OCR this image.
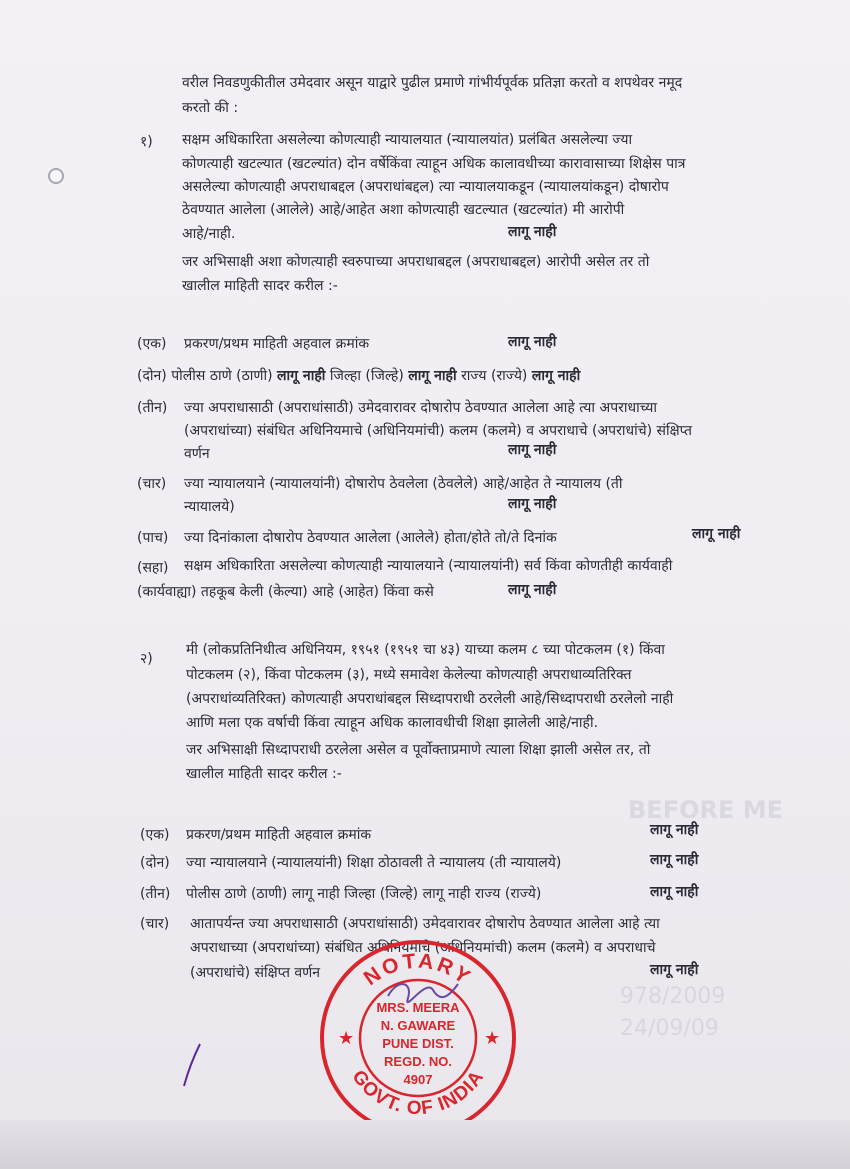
BEFORE ME
978/2009
24/09/09
वरील निवडणुकीतील उमेदवार असून याद्वारे पुढील प्रमाणे गांभीर्यपूर्वक प्रतिज्ञा करतो व शपथेवर नमूद
करतो की :
१) सक्षम अधिकारिता असलेल्या कोणत्याही न्यायालयात (न्यायालयांत) प्रलंबित असलेल्या ज्या
कोणत्याही खटल्यात (खटल्यांत) दोन वर्षेकिंवा त्याहून अधिक कालावधीच्या कारावासाच्या शिक्षेस पात्र
असलेल्या कोणत्याही अपराधाबद्दल (अपराधांबद्दल) त्या न्यायालयाकडून (न्यायालयांकडून) दोषारोप
ठेवण्यात आलेला (आलेले) आहे/आहेत अशा कोणत्याही खटल्यात (खटल्यांत) मी आरोपी
आहे/नाही.	लागू नाही
जर अभिसाक्षी अशा कोणत्याही स्वरुपाच्या अपराधाबद्दल (अपराधाबद्दल) आरोपी असेल तर तो
खालील माहिती सादर करील :-
(एक) प्रकरण/प्रथम माहिती अहवाल क्रमांक	लागू नाही
(दोन) पोलीस ठाणे (ठाणी) लागू नाही जिल्हा (जिल्हे) लागू नाही राज्य (राज्ये) लागू नाही
(तीन) ज्या अपराधासाठी (अपराधांसाठी) उमेदवारावर दोषारोप ठेवण्यात आलेला आहे त्या अपराधाच्या
(अपराधांच्या) संबंधित अधिनियमाचे (अधिनियमांची) कलम (कलमे) व अपराधाचे (अपराधांचे) संक्षिप्त
वर्णन	लागू नाही
(चार) ज्या न्यायालयाने (न्यायालयांनी) दोषारोप ठेवलेला (ठेवलेले) आहे/आहेत ते न्यायालय (ती
न्यायालये)	लागू नाही
(पाच) ज्या दिनांकाला दोषारोप ठेवण्यात आलेला (आलेले) होता/होते तो/ते दिनांक	लागू नाही
(सहा) सक्षम अधिकारिता असलेल्या कोणत्याही न्यायालयाने (न्यायालयांनी) सर्व किंवा कोणतीही कार्यवाही
(कार्यवाह्या) तहकूब केली (केल्या) आहे (आहेत) किंवा कसे	लागू नाही
२)
मी (लोकप्रतिनिधीत्व अधिनियम, १९५१ (१९५१ चा ४३) याच्या कलम ८ च्या पोटकलम (१) किंवा
पोटकलम (२), किंवा पोटकलम (३), मध्ये समावेश केलेल्या कोणत्याही अपराधाव्यतिरिक्त
(अपराधांव्यतिरिक्त) कोणत्याही अपराधांबद्दल सिध्दापराधी ठरलेली आहे/सिध्दापराधी ठरलेलो नाही
आणि मला एक वर्षाची किंवा त्याहून अधिक कालावधीची शिक्षा झालेली आहे/नाही.
जर अभिसाक्षी सिध्दापराधी ठरलेला असेल व पूर्वोक्ताप्रमाणे त्याला शिक्षा झाली असेल तर, तो
खालील माहिती सादर करील :-
(एक) प्रकरण/प्रथम माहिती अहवाल क्रमांक	लागू नाही
(दोन) ज्या न्यायालयाने (न्यायालयांनी) शिक्षा ठोठावली ते न्यायालय (ती न्यायालये)	लागू नाही
(तीन) पोलीस ठाणे (ठाणी) लागू नाही जिल्हा (जिल्हे) लागू नाही राज्य (राज्ये)	लागू नाही
(चार) आतापर्यन्त ज्या अपराधासाठी (अपराधांसाठी) उमेदवारावर दोषारोप ठेवण्यात आलेला आहे त्या
अपराधाच्या (अपराधांच्या) संबंधित अधिनियमाचे (अधिनियमांची) कलम (कलमे) व अपराधाचे
(अपराधांचे) संक्षिप्त वर्णन	लागू नाही
NOTARY
GOVT. OF INDIA
★	★
MRS. MEERA
N. GAWARE
PUNE DIST.
REGD. NO.
4907
